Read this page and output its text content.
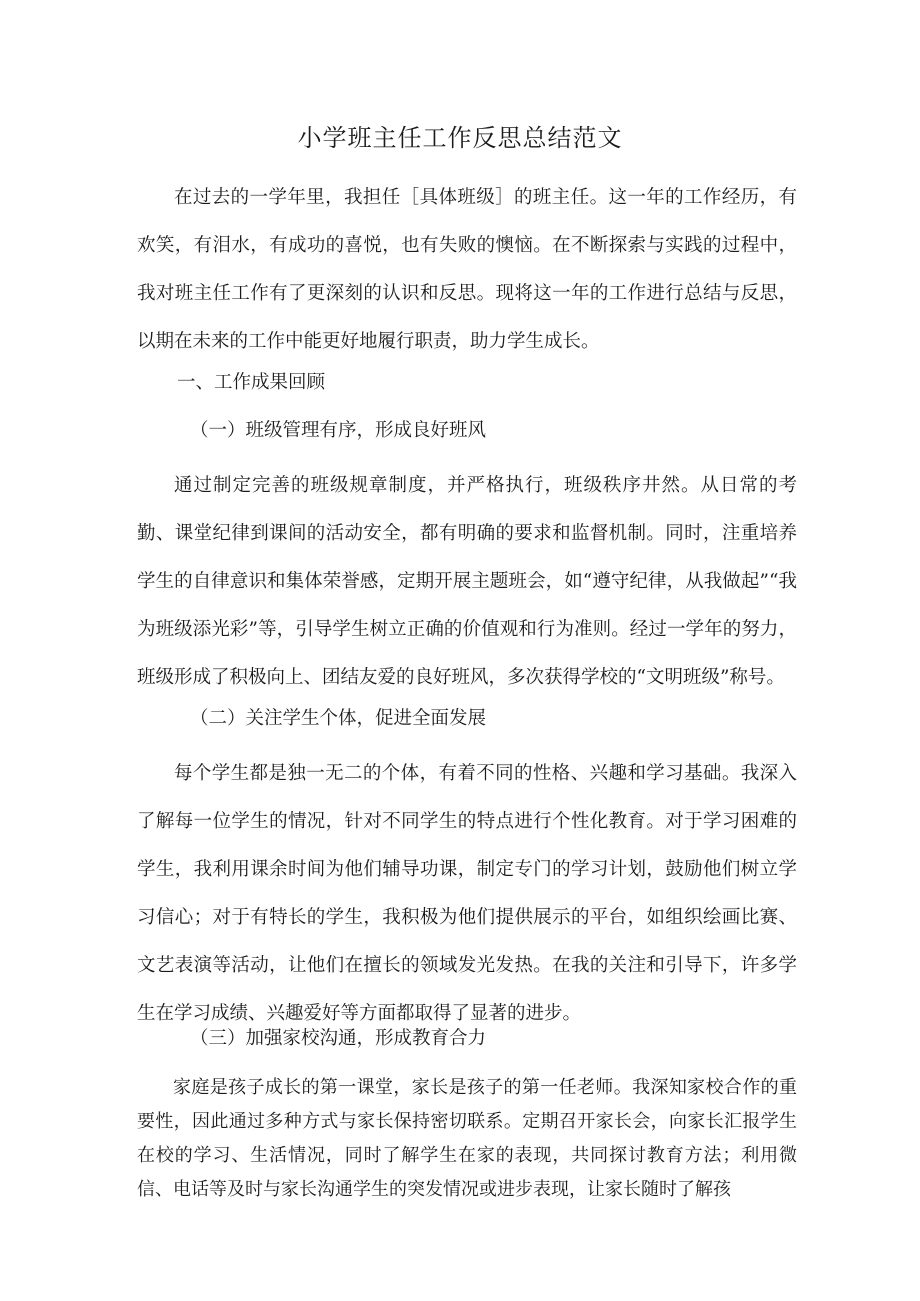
小学班主任工作反思总结范文

在过去的一学年里，我担任［具体班级］的班主任。这一年的工作经历，有欢笑，有泪水，有成功的喜悦，也有失败的懊恼。在不断探索与实践的过程中，我对班主任工作有了更深刻的认识和反思。现将这一年的工作进行总结与反思，以期在未来的工作中能更好地履行职责，助力学生成长。

一、工作成果回顾

（一）班级管理有序，形成良好班风

通过制定完善的班级规章制度，并严格执行，班级秩序井然。从日常的考勤、课堂纪律到课间的活动安全，都有明确的要求和监督机制。同时，注重培养学生的自律意识和集体荣誉感，定期开展主题班会，如“遵守纪律，从我做起”“我为班级添光彩”等，引导学生树立正确的价值观和行为准则。经过一学年的努力，班级形成了积极向上、团结友爱的良好班风，多次获得学校的“文明班级”称号。

（二）关注学生个体，促进全面发展

每个学生都是独一无二的个体，有着不同的性格、兴趣和学习基础。我深入了解每一位学生的情况，针对不同学生的特点进行个性化教育。对于学习困难的学生，我利用课余时间为他们辅导功课，制定专门的学习计划，鼓励他们树立学习信心；对于有特长的学生，我积极为他们提供展示的平台，如组织绘画比赛、文艺表演等活动，让他们在擅长的领域发光发热。在我的关注和引导下，许多学生在学习成绩、兴趣爱好等方面都取得了显著的进步。

（三）加强家校沟通，形成教育合力

家庭是孩子成长的第一课堂，家长是孩子的第一任老师。我深知家校合作的重要性，因此通过多种方式与家长保持密切联系。定期召开家长会，向家长汇报学生在校的学习、生活情况，同时了解学生在家的表现，共同探讨教育方法；利用微信、电话等及时与家长沟通学生的突发情况或进步表现，让家长随时了解孩
